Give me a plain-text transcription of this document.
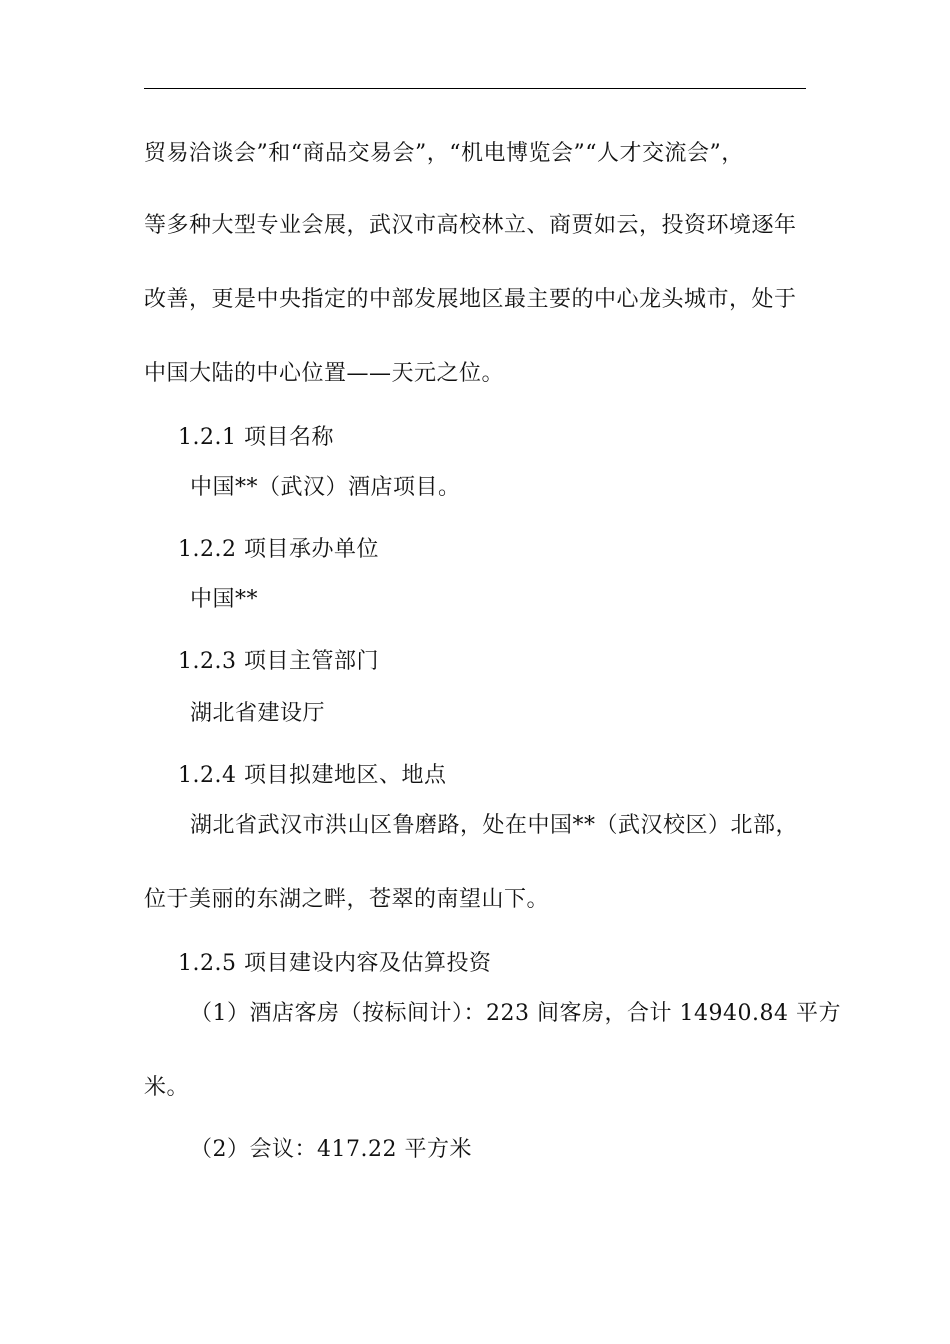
贸易洽谈会”和“商品交易会”，“机电博览会”“人才交流会”，
等多种大型专业会展，武汉市高校林立、商贾如云，投资环境逐年
改善，更是中央指定的中部发展地区最主要的中心龙头城市，处于
中国大陆的中心位置——天元之位。
1.2.1 项目名称
中国**（武汉）酒店项目。
1.2.2 项目承办单位
中国**
1.2.3 项目主管部门
湖北省建设厅
1.2.4 项目拟建地区、地点
湖北省武汉市洪山区鲁磨路，处在中国**（武汉校区）北部，
位于美丽的东湖之畔，苍翠的南望山下。
1.2.5 项目建设内容及估算投资
（1）酒店客房（按标间计）：223 间客房，合计 14940.84 平方
米。
（2）会议：417.22 平方米
